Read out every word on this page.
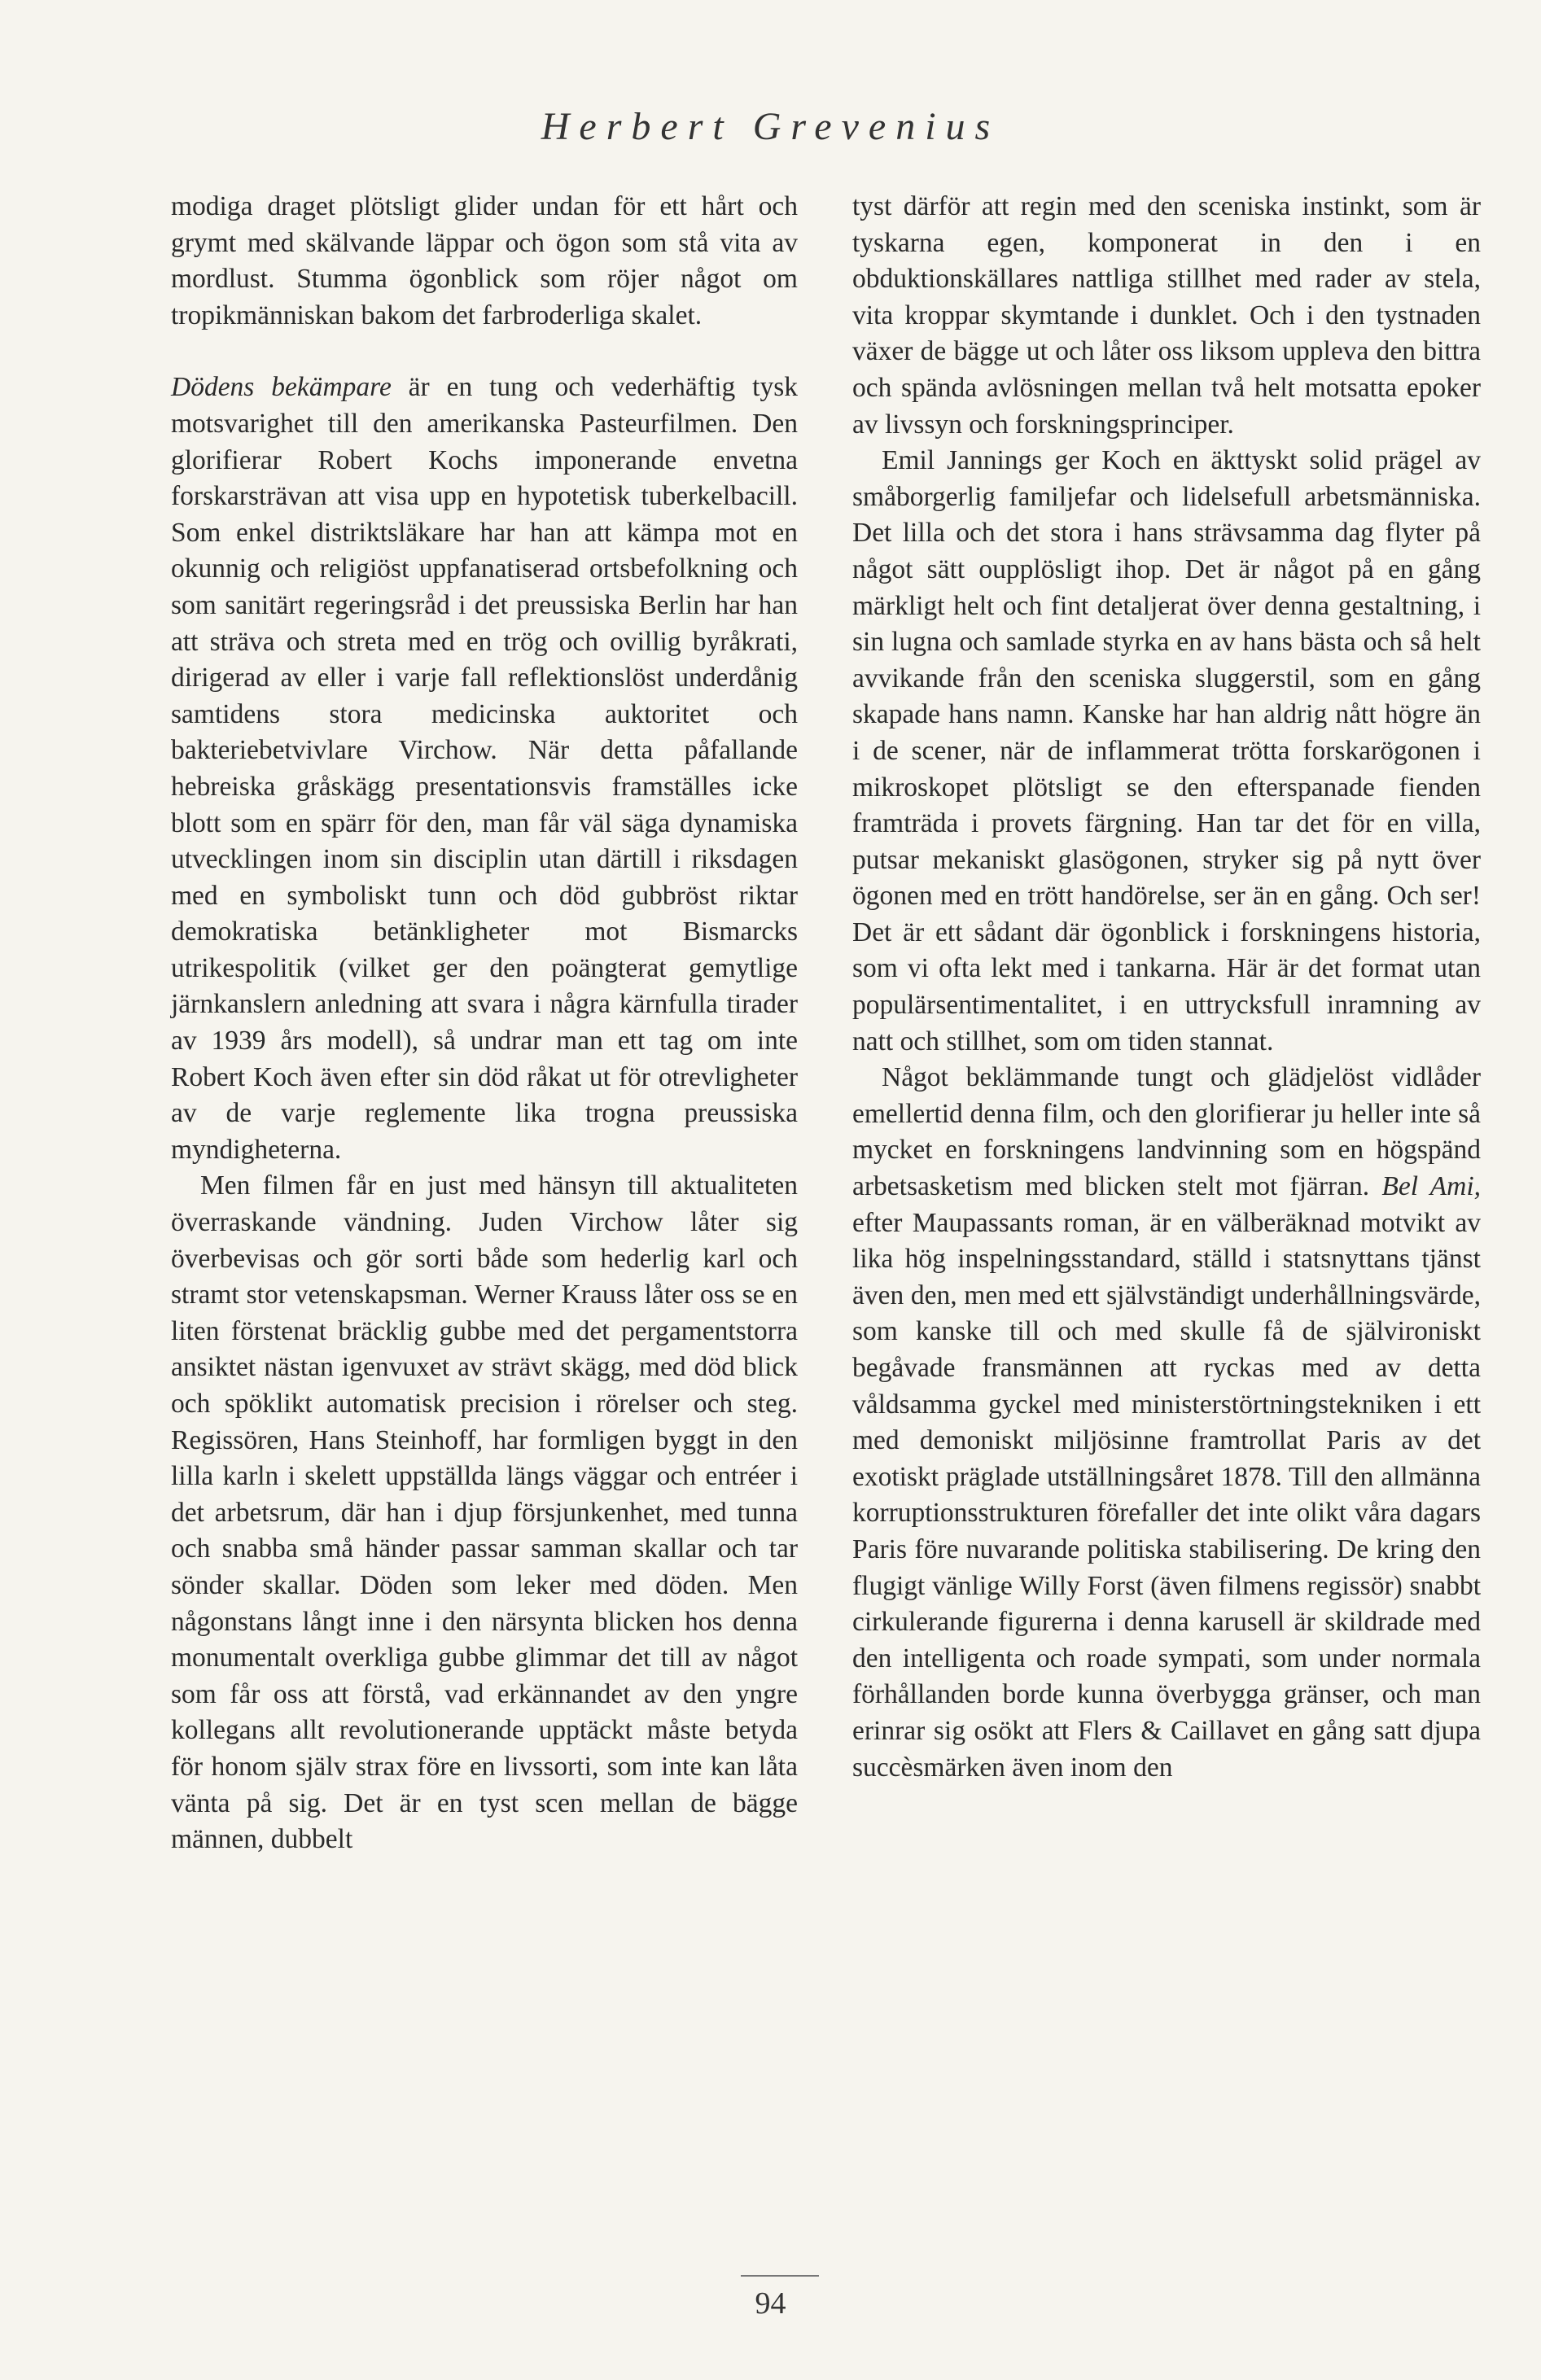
Herbert Grevenius

modiga draget plötsligt glider undan för ett hårt och grymt med skälvande läppar och ögon som stå vita av mordlust. Stumma ögonblick som röjer något om tropikmänniskan bakom det farbroderliga skalet.

Dödens bekämpare är en tung och vederhäftig tysk motsvarighet till den amerikanska Pasteurfilmen. Den glorifierar Robert Kochs imponerande envetna forskarsträvan att visa upp en hypotetisk tuberkelbacill. Som enkel distriktsläkare har han att kämpa mot en okunnig och religiöst uppfanatiserad ortsbefolkning och som sanitärt regeringsråd i det preussiska Berlin har han att sträva och streta med en trög och ovillig byråkrati, dirigerad av eller i varje fall reflektionslöst underdånig samtidens stora medicinska auktoritet och bakteriebetvivlare Virchow. När detta påfallande hebreiska gråskägg presentationsvis framställes icke blott som en spärr för den, man får väl säga dynamiska utvecklingen inom sin disciplin utan därtill i riksdagen med en symboliskt tunn och död gubbröst riktar demokratiska betänkligheter mot Bismarcks utrikespolitik (vilket ger den poängterat gemytlige järnkanslern anledning att svara i några kärnfulla tirader av 1939 års modell), så undrar man ett tag om inte Robert Koch även efter sin död råkat ut för otrevligheter av de varje reglemente lika trogna preussiska myndigheterna.

Men filmen får en just med hänsyn till aktualiteten överraskande vändning. Juden Virchow låter sig överbevisas och gör sorti både som hederlig karl och stramt stor vetenskapsman. Werner Krauss låter oss se en liten förstenat bräcklig gubbe med det pergamentstorra ansiktet nästan igenvuxet av strävt skägg, med död blick och spöklikt automatisk precision i rörelser och steg. Regissören, Hans Steinhoff, har formligen byggt in den lilla karln i skelett uppställda längs väggar och entréer i det arbetsrum, där han i djup försjunkenhet, med tunna och snabba små händer passar samman skallar och tar sönder skallar. Döden som leker med döden. Men någonstans långt inne i den närsynta blicken hos denna monumentalt overkliga gubbe glimmar det till av något som får oss att förstå, vad erkännandet av den yngre kollegans allt revolutionerande upptäckt måste betyda för honom själv strax före en livssorti, som inte kan låta vänta på sig. Det är en tyst scen mellan de bägge männen, dubbelt

tyst därför att regin med den sceniska instinkt, som är tyskarna egen, komponerat in den i en obduktionskällares nattliga stillhet med rader av stela, vita kroppar skymtande i dunklet. Och i den tystnaden växer de bägge ut och låter oss liksom uppleva den bittra och spända avlösningen mellan två helt motsatta epoker av livssyn och forskningsprinciper.

Emil Jannings ger Koch en äkttyskt solid prägel av småborgerlig familjefar och lidelsefull arbetsmänniska. Det lilla och det stora i hans strävsamma dag flyter på något sätt oupplösligt ihop. Det är något på en gång märkligt helt och fint detaljerat över denna gestaltning, i sin lugna och samlade styrka en av hans bästa och så helt avvikande från den sceniska sluggerstil, som en gång skapade hans namn. Kanske har han aldrig nått högre än i de scener, när de inflammerat trötta forskarögonen i mikroskopet plötsligt se den efterspanade fienden framträda i provets färgning. Han tar det för en villa, putsar mekaniskt glasögonen, stryker sig på nytt över ögonen med en trött handörelse, ser än en gång. Och ser! Det är ett sådant där ögonblick i forskningens historia, som vi ofta lekt med i tankarna. Här är det format utan populärsentimentalitet, i en uttrycksfull inramning av natt och stillhet, som om tiden stannat.

Något beklämmande tungt och glädjelöst vidlåder emellertid denna film, och den glorifierar ju heller inte så mycket en forskningens landvinning som en högspänd arbetsasketism med blicken stelt mot fjärran. Bel Ami, efter Maupassants roman, är en välberäknad motvikt av lika hög inspelningsstandard, ställd i statsnyttans tjänst även den, men med ett självständigt underhållningsvärde, som kanske till och med skulle få de självironiskt begåvade fransmännen att ryckas med av detta våldsamma gyckel med ministerstörtningstekniken i ett med demoniskt miljösinne framtrollat Paris av det exotiskt präglade utställningsåret 1878. Till den allmänna korruptionsstrukturen förefaller det inte olikt våra dagars Paris före nuvarande politiska stabilisering. De kring den flugigt vänlige Willy Forst (även filmens regissör) snabbt cirkulerande figurerna i denna karusell är skildrade med den intelligenta och roade sympati, som under normala förhållanden borde kunna överbygga gränser, och man erinrar sig osökt att Flers & Caillavet en gång satt djupa succèsmärken även inom den

94
